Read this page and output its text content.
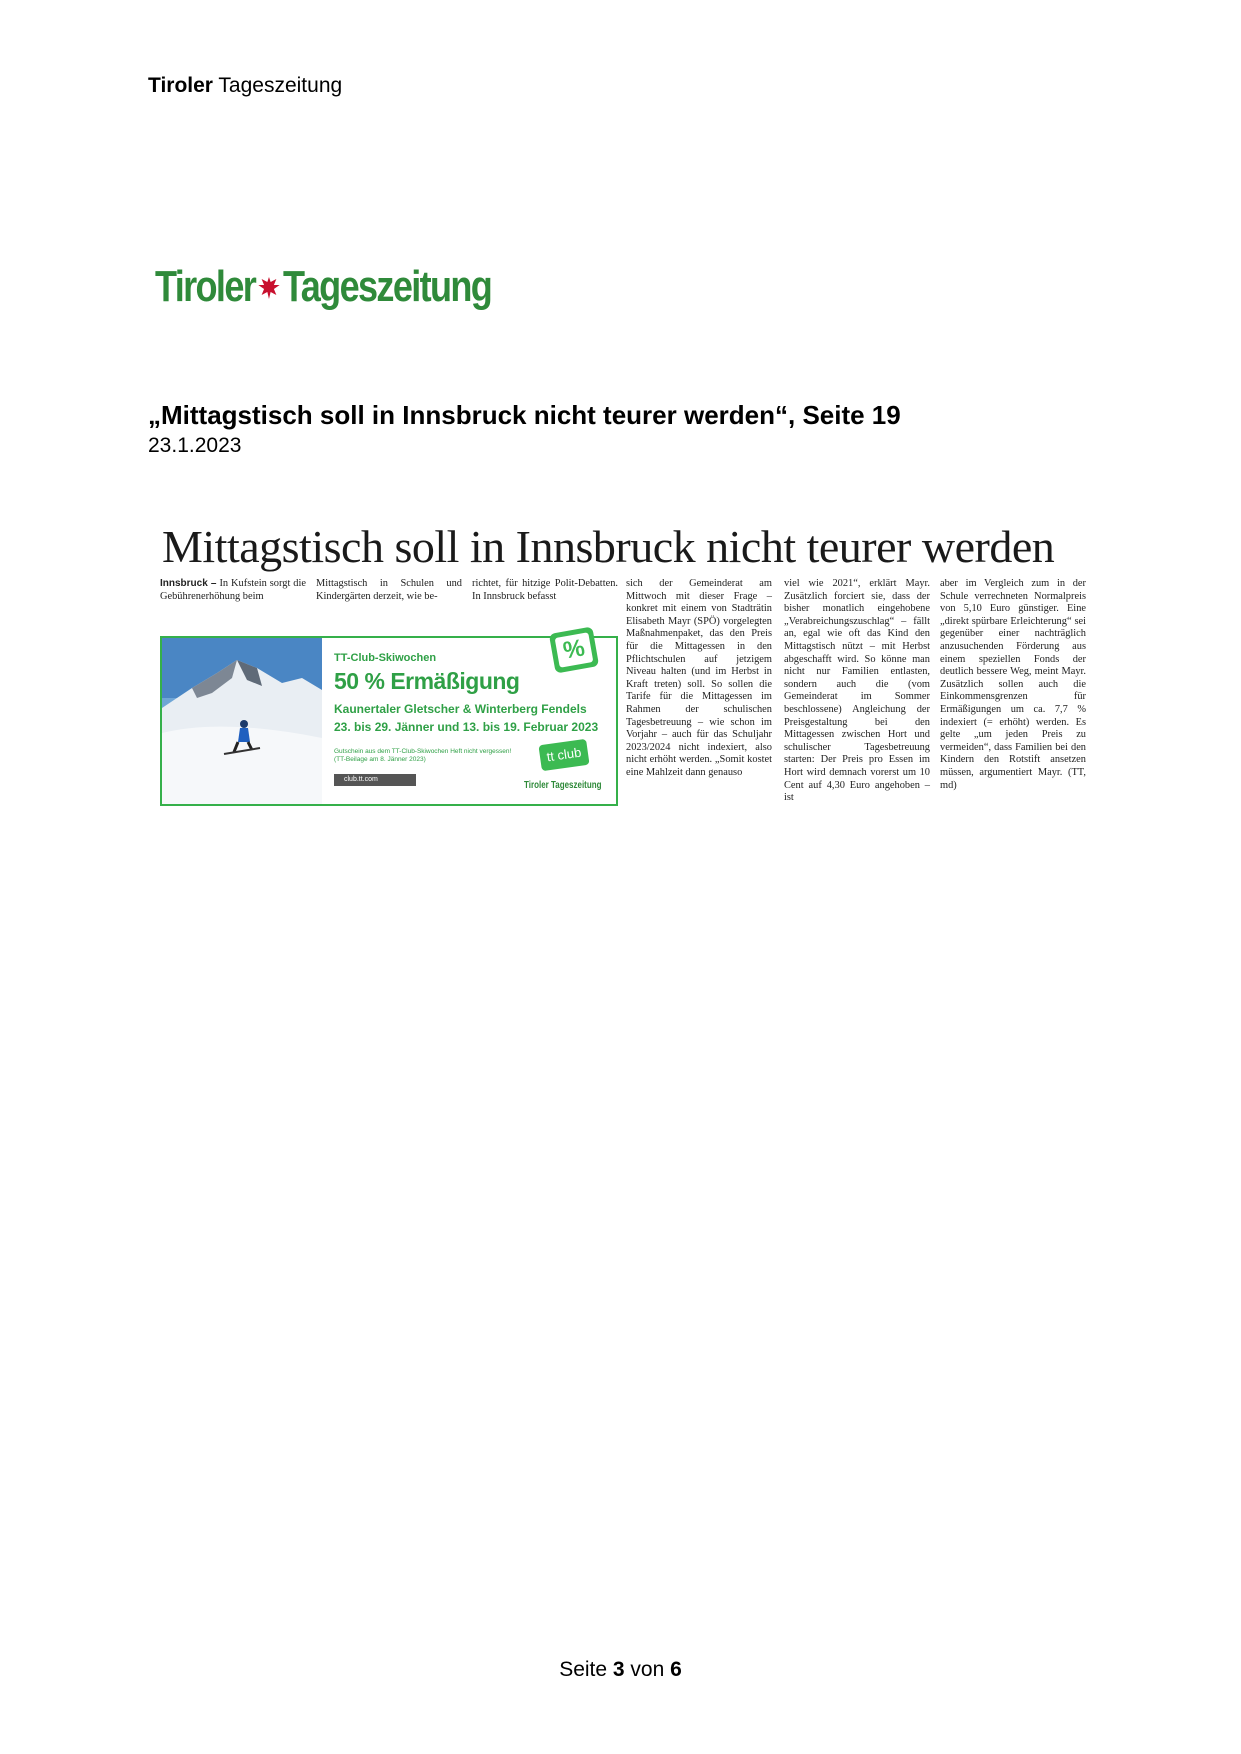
Tiroler Tageszeitung
Tiroler Tageszeitung
„Mittagstisch soll in Innsbruck nicht teurer werden“, Seite 19
23.1.2023
Mittagstisch soll in Innsbruck nicht teurer werden

Innsbruck – In Kufstein sorgt die Gebührenerhöhung beim

Mittagstisch in Schulen und Kindergärten derzeit, wie be-

richtet, für hitzige Polit-Debatten. In Innsbruck befasst

sich der Gemeinderat am Mittwoch mit dieser Frage – konkret mit einem von Stadträtin Elisabeth Mayr (SPÖ) vorgelegten Maßnahmenpaket, das den Preis für die Mittagessen in den Pflichtschulen auf jetzigem Niveau halten (und im Herbst in Kraft treten) soll. So sollen die Tarife für die Mittagessen im Rahmen der schulischen Tagesbetreuung – wie schon im Vorjahr – auch für das Schuljahr 2023/2024 nicht indexiert, also nicht erhöht werden. „Somit kostet eine Mahlzeit dann genauso

viel wie 2021“, erklärt Mayr. Zusätzlich forciert sie, dass der bisher monatlich eingehobene „Verabreichungszuschlag“ – fällt an, egal wie oft das Kind den Mittagstisch nützt – mit Herbst abgeschafft wird. So könne man nicht nur Familien entlasten, sondern auch die (vom Gemeinderat im Sommer beschlossene) Angleichung der Preisgestaltung bei den Mittagessen zwischen Hort und schulischer Tagesbetreuung starten: Der Preis pro Essen im Hort wird demnach vorerst um 10 Cent auf 4,30 Euro angehoben – ist

aber im Vergleich zum in der Schule verrechneten Normalpreis von 5,10 Euro günstiger. Eine „direkt spürbare Erleichterung“ sei gegenüber einer nachträglich anzusuchenden Förderung aus einem speziellen Fonds der deutlich bessere Weg, meint Mayr. Zusätzlich sollen auch die Einkommensgrenzen für Ermäßigungen um ca. 7,7 % indexiert (= erhöht) werden. Es gelte „um jeden Preis zu vermeiden“, dass Familien bei den Kindern den Rotstift ansetzen müssen, argumentiert Mayr. (TT, md)

TT-Club-Skiwochen
50 % Ermäßigung
Kaunertaler Gletscher & Winterberg Fendels
23. bis 29. Jänner und 13. bis 19. Februar 2023
Gutschein aus dem TT-Club-Skiwochen Heft nicht vergessen! (TT-Beilage am 8. Jänner 2023)
club.tt.com
%
tt club
Tiroler Tageszeitung
Seite 3 von 6
